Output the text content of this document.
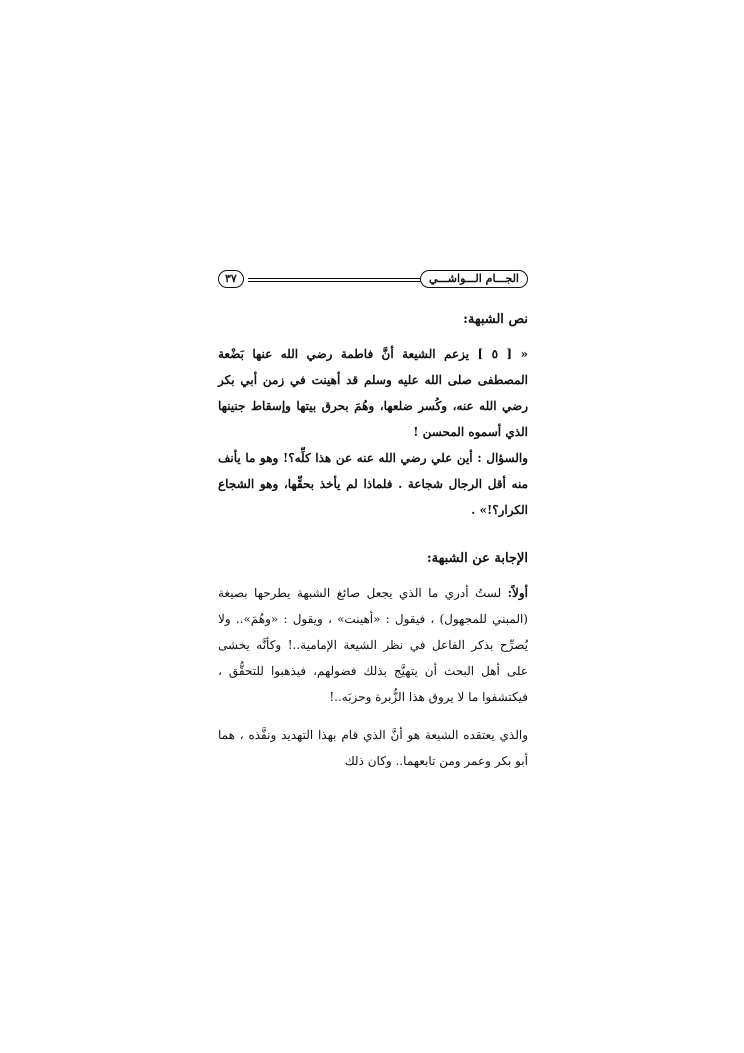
الجـــام الـــواشـــي
٣٧
نص الشبهة:

« [ ٥ ] يزعم الشيعة أنَّ فاطمة رضي الله عنها بَضْعة المصطفى صلى الله عليه وسلم قد أهينت في زمن أبي بكر رضي الله عنه، وكُسر ضلعها، وهُمَ بحرق بيتها وإسقاط جنينها الذي أسموه المحسن !

والسؤال : أين علي رضي الله عنه عن هذا كلِّه؟! وهو ما يأنف منه أقل الرجال شجاعة . فلماذا لم يأخذ بحقِّها، وهو الشجاع الكرار؟!» .

الإجابة عن الشبهة:

أولاً: لستُ أدري ما الذي يجعل صائغ الشبهة يطرحها بصيغة (المبني للمجهول) ، فيقول : «أهينت» ، ويقول : «وهُمَ».. ولا يُصرِّح بذكر الفاعل في نظر الشيعة الإمامية..! وكأنَّه يخشى على أهل البحث أن يتهيَّج بذلك فضولهم، فيذهبوا للتحقُّق ، فيكتشفوا ما لا يروق هذا الزُّبرة وحزبَه..!

والذي يعتقده الشيعة هو أنَّ الذي قام بهذا التهديد ونفَّذه ، هما أبو بكر وعمر ومن تابعهما.. وكان ذلك
